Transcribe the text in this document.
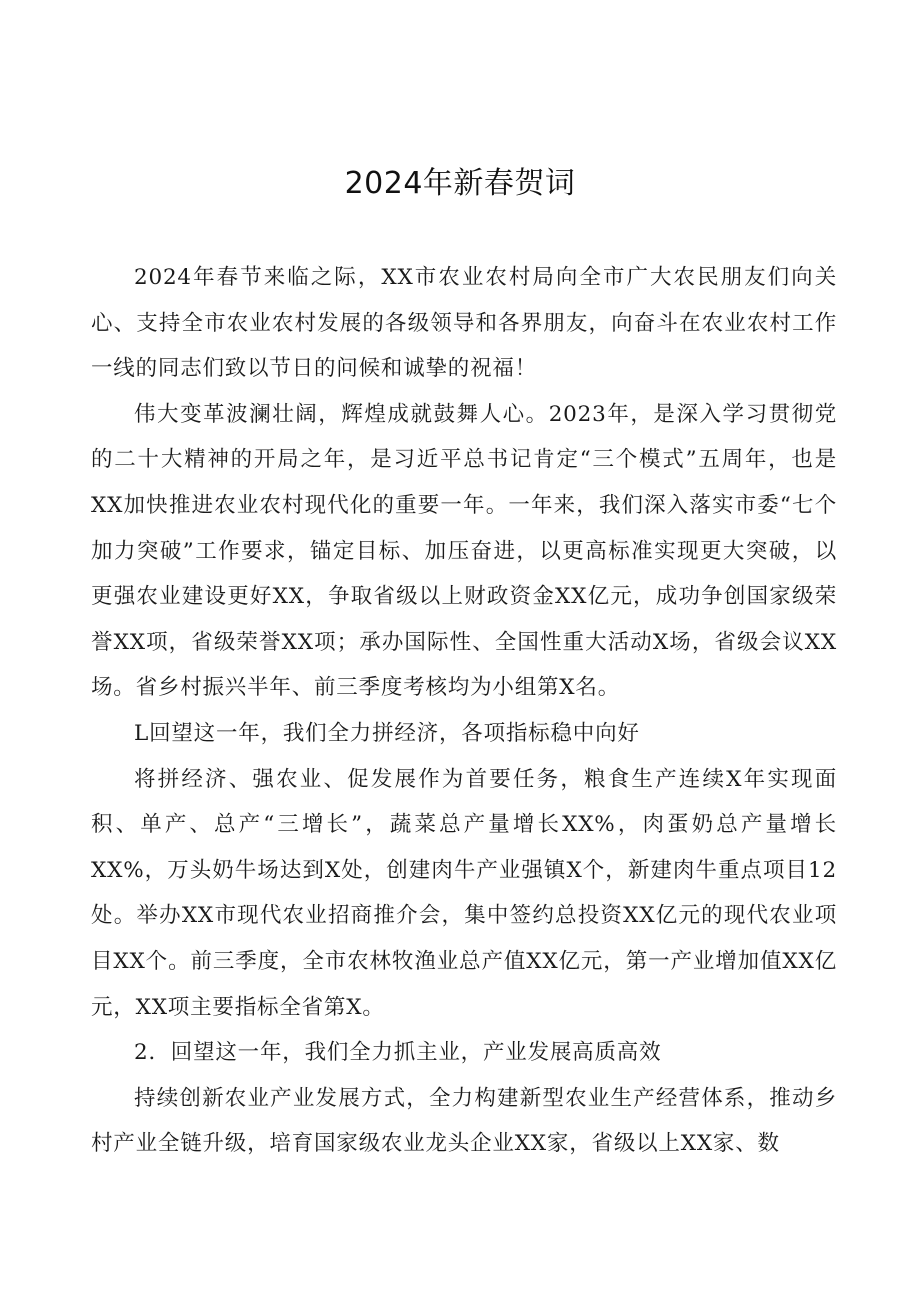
2024年新春贺词

2024年春节来临之际，XX市农业农村局向全市广大农民朋友们向关心、支持全市农业农村发展的各级领导和各界朋友，向奋斗在农业农村工作一线的同志们致以节日的问候和诚挚的祝福！

伟大变革波澜壮阔，辉煌成就鼓舞人心。2023年，是深入学习贯彻党的二十大精神的开局之年，是习近平总书记肯定“三个模式”五周年，也是XX加快推进农业农村现代化的重要一年。一年来，我们深入落实市委“七个加力突破”工作要求，锚定目标、加压奋进，以更高标准实现更大突破，以更强农业建设更好XX，争取省级以上财政资金XX亿元，成功争创国家级荣誉XX项，省级荣誉XX项；承办国际性、全国性重大活动X场，省级会议XX场。省乡村振兴半年、前三季度考核均为小组第X名。

L回望这一年，我们全力拼经济，各项指标稳中向好

将拼经济、强农业、促发展作为首要任务，粮食生产连续X年实现面积、单产、总产“三增长”，蔬菜总产量增长XX%，肉蛋奶总产量增长XX%，万头奶牛场达到X处，创建肉牛产业强镇X个，新建肉牛重点项目12处。举办XX市现代农业招商推介会，集中签约总投资XX亿元的现代农业项目XX个。前三季度，全市农林牧渔业总产值XX亿元，第一产业增加值XX亿元，XX项主要指标全省第X。

2．回望这一年，我们全力抓主业，产业发展高质高效

持续创新农业产业发展方式，全力构建新型农业生产经营体系，推动乡村产业全链升级，培育国家级农业龙头企业XX家，省级以上XX家、数
